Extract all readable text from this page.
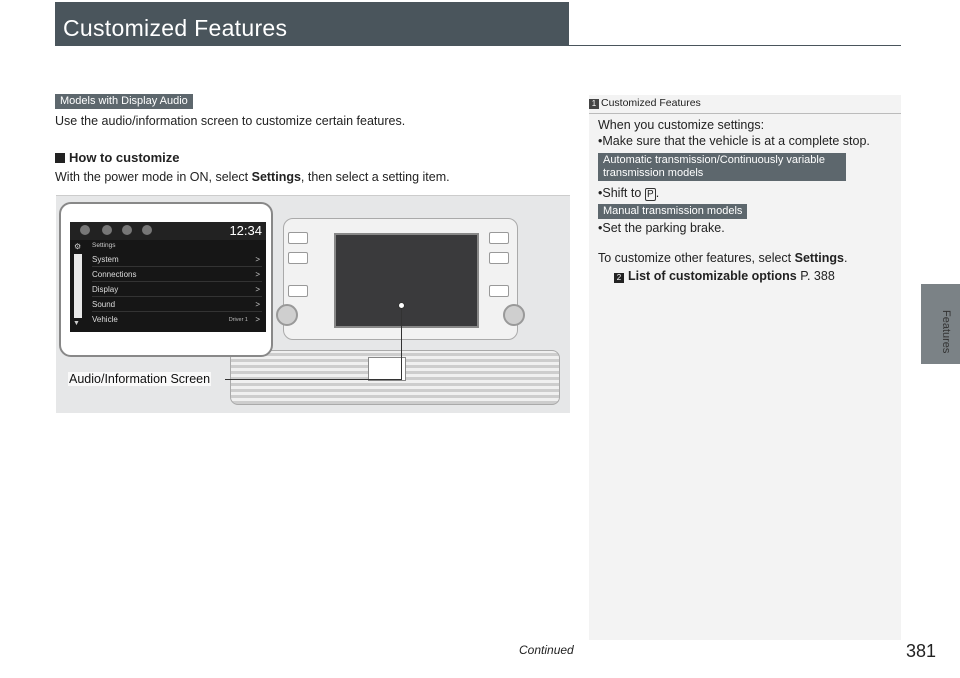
Customized Features
Features
Models with Display Audio
Use the audio/information screen to customize certain features.
How to customize
With the power mode in ON, select Settings, then select a setting item.
12:34
⚙ Settings
▼
System	>
Connections	>
Display	>
Sound	>
Vehicle	Driver 1 >
Audio/Information Screen
1 Customized Features
When you customize settings:
•Make sure that the vehicle is at a complete stop.
Automatic transmission/Continuously variable transmission models
•Shift to P .
Manual transmission models
•Set the parking brake.
To customize other features, select Settings.
2 List of customizable options P. 388
Continued	381
